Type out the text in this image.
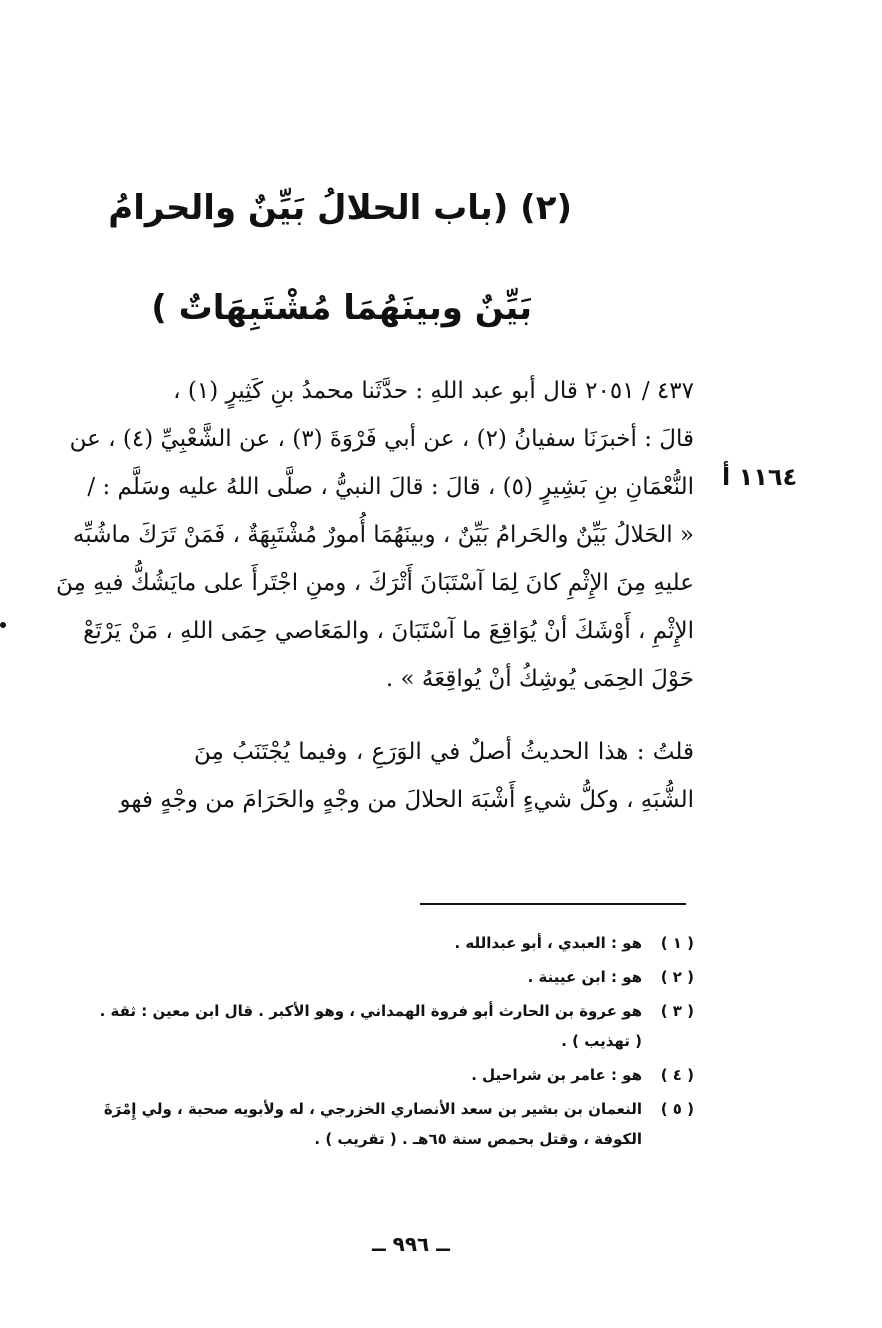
(٢) (باب الحلالُ بَيِّنٌ والحرامُ
بَيِّنٌ وبينَهُمَا مُشْتَبِهَاتٌ )
١١٦٤ أ
٤٣٧ / ٢٠٥١ قال أبو عبد اللهِ : حدَّثَنا محمدُ بنِ كَثِيرٍ (١) ،
قالَ : أخبرَنَا سفيانُ (٢) ، عن أبي فَرْوَةَ (٣) ، عن الشَّعْبِيِّ (٤) ، عن
النُّعْمَانِ بنِ بَشِيرٍ (٥) ، قالَ : قالَ النبيُّ ، صلَّى اللهُ عليه وسَلَّم : /
« الحَلالُ بَيِّنٌ والحَرامُ بَيِّنٌ ، وبينَهُمَا أُمورٌ مُشْتَبِهَةٌ ، فَمَنْ تَرَكَ ماشُبِّه
عليهِ مِنَ الإِثْمِ كانَ لِمَا آسْتَبَانَ أَتْرَكَ ، ومنِ اجْتَرأَ على مايَشُكُّ فيهِ مِنَ
الإِثْمِ ، أَوْشَكَ أنْ يُوَاقِعَ ما آسْتَبَانَ ، والمَعَاصي حِمَى اللهِ ، مَنْ يَرْتَعْ
حَوْلَ الحِمَى يُوشِكُ أنْ يُواقِعَهُ » .
قلتُ : هذا الحديثُ أصلٌ في الوَرَعِ ، وفيما يُجْتَنَبُ مِنَ
الشُّبَهِ ، وكلُّ شيءٍ أَشْبَهَ الحلالَ من وجْهٍ والحَرَامَ من وجْهٍ فهو
( ١ )
هو : العبدي ، أبو عبدالله .
( ٢ )
هو : ابن عيينة .
( ٣ )
هو عروة بن الحارث أبو فروة الهمداني ، وهو الأكبر . قال ابن معين : ثقة .
( تهذيب ) .
( ٤ )
هو : عامر بن شراحيل .
( ٥ )
النعمان بن بشير بن سعد الأنصاري الخزرجي ، له ولأبويه صحبة ، ولي إِمْرَةَ
الكوفة ، وقتل بحمص سنة ٦٥هـ . ( تقريب ) .
ــ ٩٩٦ ــ
